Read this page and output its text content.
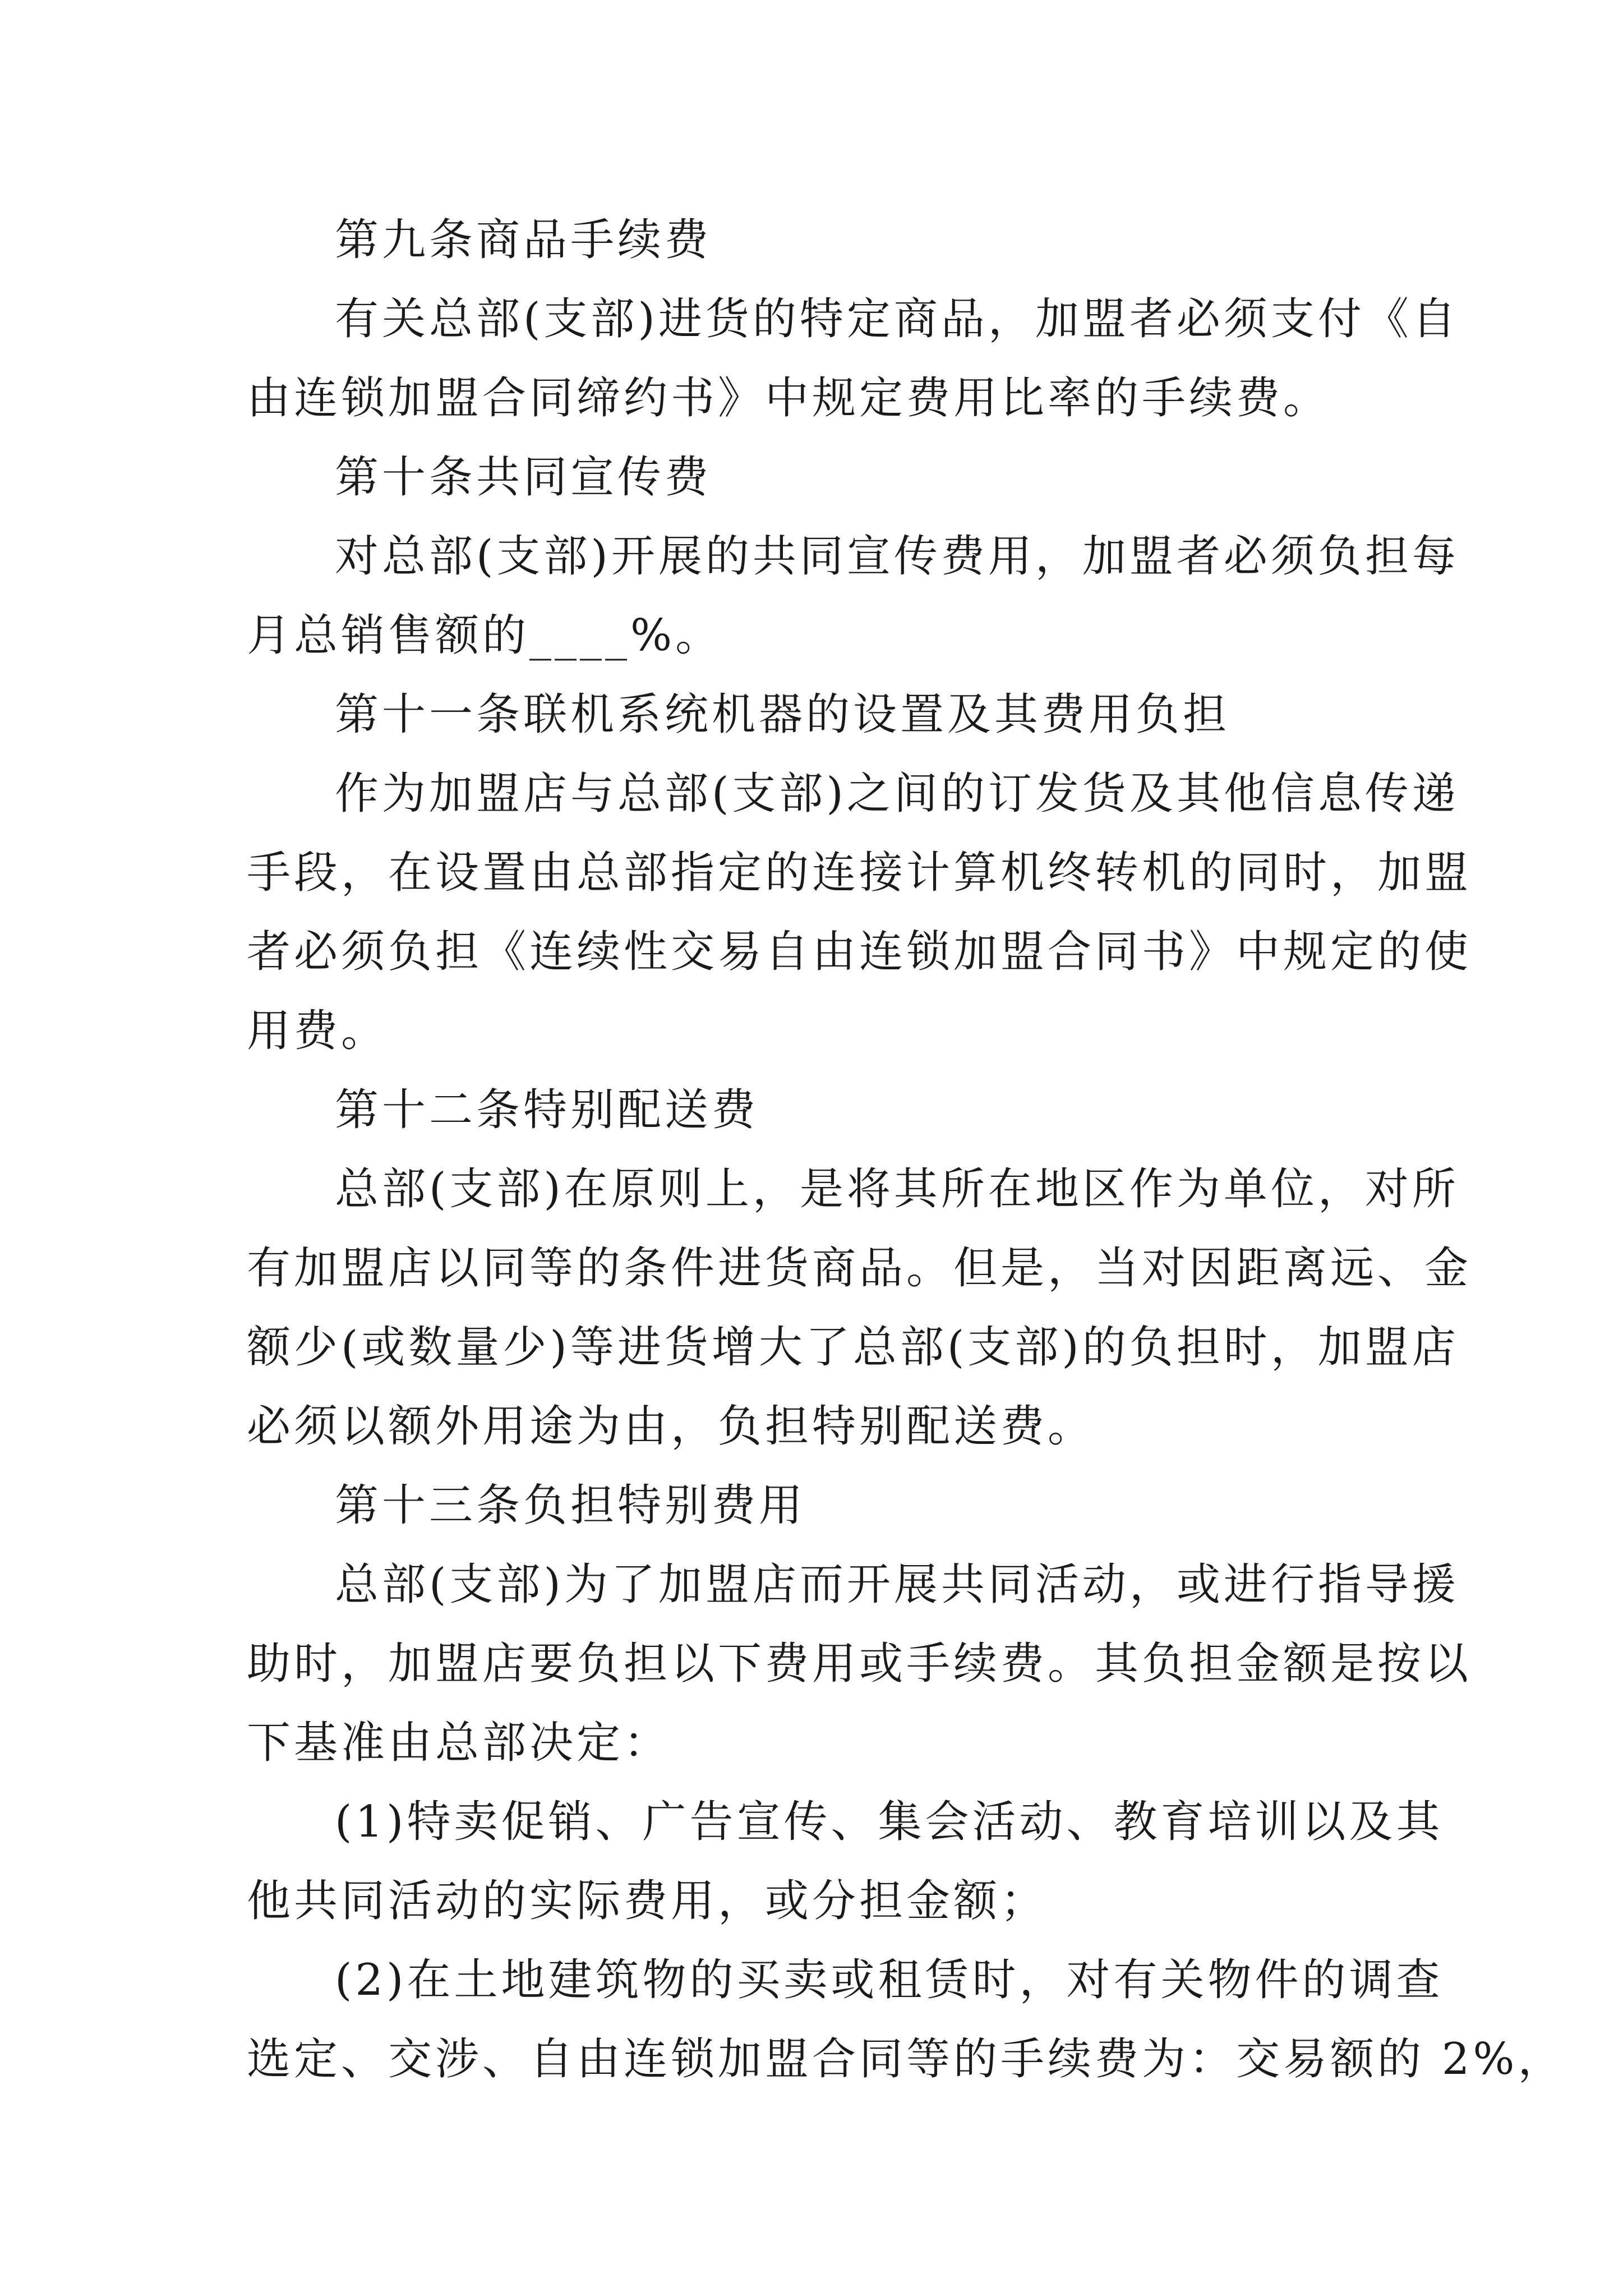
第九条商品手续费
有关总部(支部)进货的特定商品，加盟者必须支付《自
由连锁加盟合同缔约书》中规定费用比率的手续费。
第十条共同宣传费
对总部(支部)开展的共同宣传费用，加盟者必须负担每
月总销售额的____%。
第十一条联机系统机器的设置及其费用负担
作为加盟店与总部(支部)之间的订发货及其他信息传递
手段，在设置由总部指定的连接计算机终转机的同时，加盟
者必须负担《连续性交易自由连锁加盟合同书》中规定的使
用费。
第十二条特别配送费
总部(支部)在原则上，是将其所在地区作为单位，对所
有加盟店以同等的条件进货商品。但是，当对因距离远、金
额少(或数量少)等进货增大了总部(支部)的负担时，加盟店
必须以额外用途为由，负担特别配送费。
第十三条负担特别费用
总部(支部)为了加盟店而开展共同活动，或进行指导援
助时，加盟店要负担以下费用或手续费。其负担金额是按以
下基准由总部决定：
(1)特卖促销、广告宣传、集会活动、教育培训以及其
他共同活动的实际费用，或分担金额；
(2)在土地建筑物的买卖或租赁时，对有关物件的调查
选定、交涉、自由连锁加盟合同等的手续费为：交易额的 2%，
